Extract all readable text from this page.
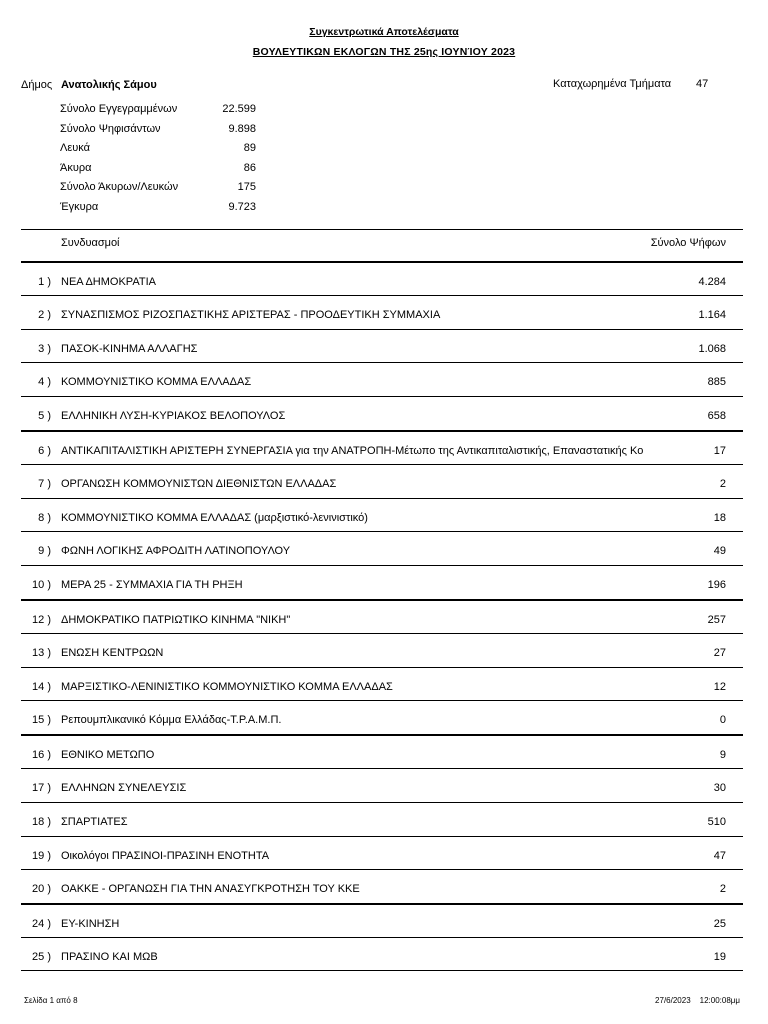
Συγκεντρωτικά Αποτελέσματα
ΒΟΥΛΕΥΤΙΚΩΝ ΕΚΛΟΓΩΝ ΤΗΣ 25ης ΙΟΥΝΊΟΥ 2023
Δήμος Ανατολικής Σάμου	Καταχωρημένα Τμήματα 47
Σύνολο Εγγεγραμμένων	22.599
Σύνολο Ψηφισάντων	9.898
Λευκά	89
Άκυρα	86
Σύνολο Άκυρων/Λευκών	175
Έγκυρα	9.723
Συνδυασμοί	Σύνολο Ψήφων
1 ) ΝΕΑ ΔΗΜΟΚΡΑΤΙΑ	4.284
2 ) ΣΥΝΑΣΠΙΣΜΟΣ ΡΙΖΟΣΠΑΣΤΙΚΗΣ ΑΡΙΣΤΕΡΑΣ - ΠΡΟΟΔΕΥΤΙΚΗ ΣΥΜΜΑΧΙΑ	1.164
3 ) ΠΑΣΟΚ-ΚΙΝΗΜΑ ΑΛΛΑΓΗΣ	1.068
4 ) ΚΟΜΜΟΥΝΙΣΤΙΚΟ ΚΟΜΜΑ ΕΛΛΑΔΑΣ	885
5 ) ΕΛΛΗΝΙΚΗ ΛΥΣΗ-ΚΥΡΙΑΚΟΣ ΒΕΛΟΠΟΥΛΟΣ	658
6 ) ΑΝΤΙΚΑΠΙΤΑΛΙΣΤΙΚΗ ΑΡΙΣΤΕΡΗ ΣΥΝΕΡΓΑΣΙΑ για την ΑΝΑΤΡΟΠΗ-Μέτωπο της Αντικαπιταλιστικής, Επαναστατικής Κο	17
7 ) ΟΡΓΑΝΩΣΗ ΚΟΜΜΟΥΝΙΣΤΩΝ ΔΙΕΘΝΙΣΤΩΝ ΕΛΛΑΔΑΣ	2
8 ) ΚΟΜΜΟΥΝΙΣΤΙΚΟ ΚΟΜΜΑ ΕΛΛΑΔΑΣ (μαρξιστικό-λενινιστικό)	18
9 ) ΦΩΝΗ ΛΟΓΙΚΗΣ ΑΦΡΟΔΙΤΗ ΛΑΤΙΝΟΠΟΥΛΟΥ	49
10 ) ΜΕΡΑ 25 - ΣΥΜΜΑΧΙΑ ΓΙΑ ΤΗ ΡΗΞΗ	196
12 ) ΔΗΜΟΚΡΑΤΙΚΟ ΠΑΤΡΙΩΤΙΚΟ ΚΙΝΗΜΑ "ΝΙΚΗ"	257
13 ) ΕΝΩΣΗ ΚΕΝΤΡΩΩΝ	27
14 ) ΜΑΡΞΙΣΤΙΚΟ-ΛΕΝΙΝΙΣΤΙΚΟ ΚΟΜΜΟΥΝΙΣΤΙΚΟ ΚΟΜΜΑ ΕΛΛΑΔΑΣ	12
15 ) Ρεπουμπλικανικό Κόμμα Ελλάδας-Τ.Ρ.Α.Μ.Π.	0
16 ) ΕΘΝΙΚΟ ΜΕΤΩΠΟ	9
17 ) ΕΛΛΗΝΩΝ ΣΥΝΕΛΕΥΣΙΣ	30
18 ) ΣΠΑΡΤΙΑΤΕΣ	510
19 ) Οικολόγοι ΠΡΑΣΙΝΟΙ-ΠΡΑΣΙΝΗ ΕΝΟΤΗΤΑ	47
20 ) ΟΑΚΚΕ - ΟΡΓΑΝΩΣΗ ΓΙΑ ΤΗΝ ΑΝΑΣΥΓΚΡΟΤΗΣΗ ΤΟΥ ΚΚΕ	2
24 ) ΕΥ-ΚΙΝΗΣΗ	25
25 ) ΠΡΑΣΙΝΟ ΚΑΙ ΜΩΒ	19
Σελίδα 1 από 8	27/6/2023 12:00:08μμ
